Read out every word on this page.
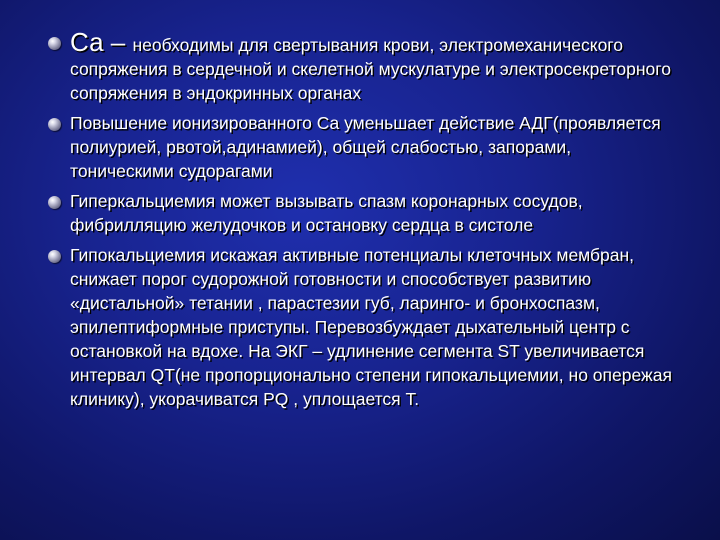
Са – необходимы для свертывания крови, электромеханического сопряжения в сердечной и скелетной мускулатуре и электросекреторного сопряжения в эндокринных органах
Повышение ионизированного Са уменьшает действие АДГ(проявляется полиурией, рвотой,адинамией), общей слабостью, запорами, тоническими судорагами
Гиперкальциемия может вызывать спазм коронарных сосудов, фибрилляцию желудочков и остановку сердца в систоле
Гипокальциемия искажая активные потенциалы клеточных мембран, снижает порог судорожной готовности и способствует развитию «дистальной» тетании , парастезии губ, ларинго- и бронхоспазм, эпилептиформные приступы. Перевозбуждает дыхательный центр с остановкой на вдохе. На ЭКГ – удлинение сегмента ST увеличивается интервал QT(не пропорционально степени гипокальциемии, но опережая клинику), укорачиватся PQ , уплощается Т.
